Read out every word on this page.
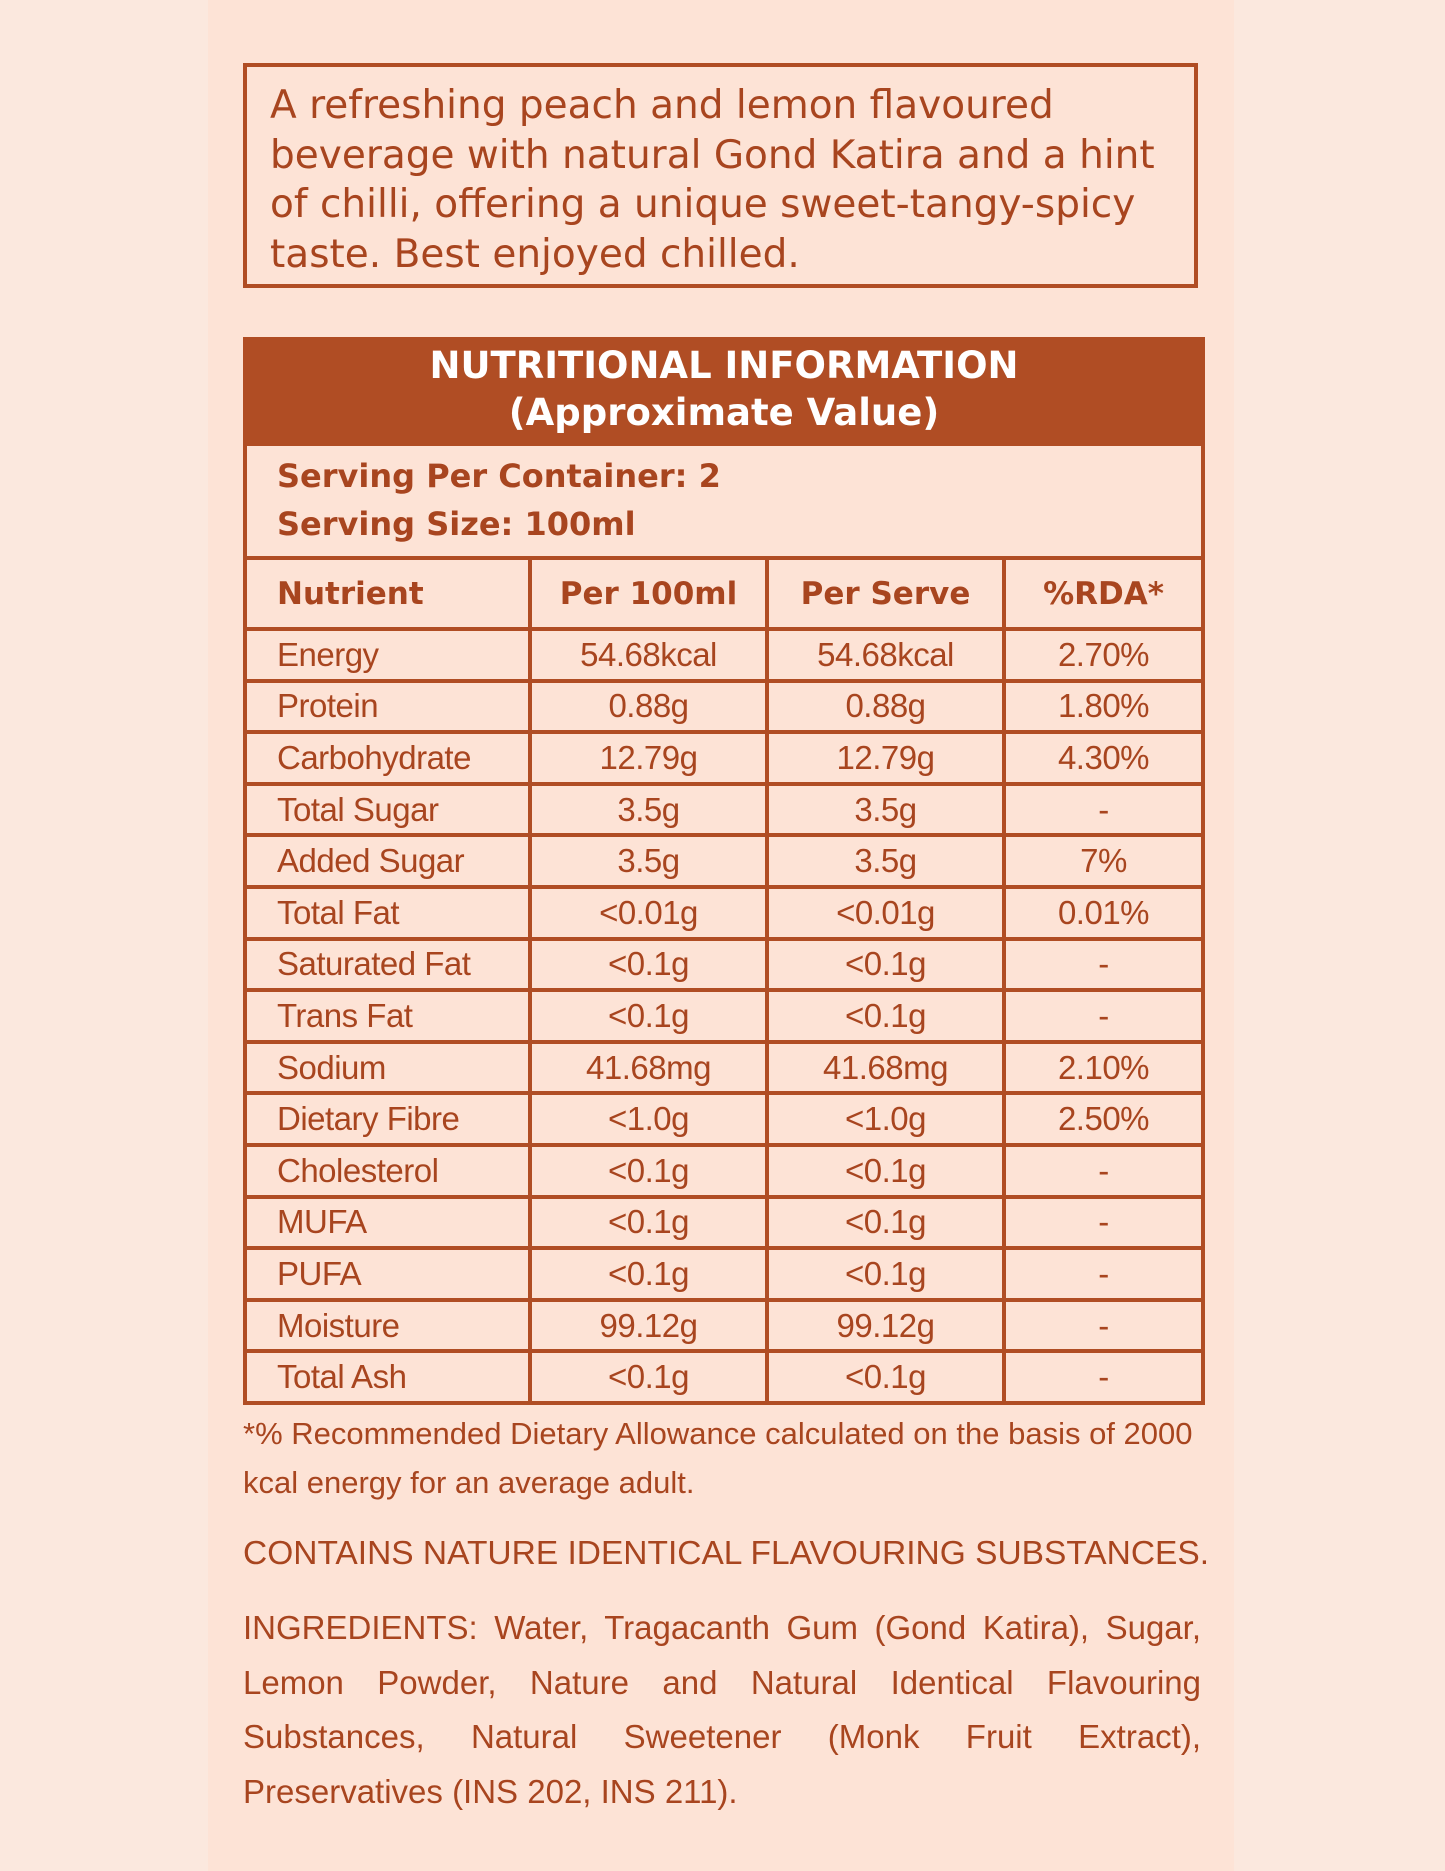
A refreshing peach and lemon flavoured beverage with natural Gond Katira and a hint of chilli, offering a unique sweet-tangy-spicy taste. Best enjoyed chilled.
NUTRITIONAL INFORMATION
(Approximate Value)
Serving Per Container: 2
Serving Size: 100ml
Nutrient	Per 100ml	Per Serve	%RDA*
Energy	54.68kcal	54.68kcal	2.70%
Protein	0.88g	0.88g	1.80%
Carbohydrate	12.79g	12.79g	4.30%
Total Sugar	3.5g	3.5g	-
Added Sugar	3.5g	3.5g	7%
Total Fat	<0.01g	<0.01g	0.01%
Saturated Fat	<0.1g	<0.1g	-
Trans Fat	<0.1g	<0.1g	-
Sodium	41.68mg	41.68mg	2.10%
Dietary Fibre	<1.0g	<1.0g	2.50%
Cholesterol	<0.1g	<0.1g	-
MUFA	<0.1g	<0.1g	-
PUFA	<0.1g	<0.1g	-
Moisture	99.12g	99.12g	-
Total Ash	<0.1g	<0.1g	-
*% Recommended Dietary Allowance calculated on the basis of 2000 kcal energy for an average adult.
CONTAINS NATURE IDENTICAL FLAVOURING SUBSTANCES.
INGREDIENTS: Water, Tragacanth Gum (Gond Katira), Sugar, Lemon Powder, Nature and Natural Identical Flavouring Substances, Natural Sweetener (Monk Fruit Extract), Preservatives (INS 202, INS 211).
